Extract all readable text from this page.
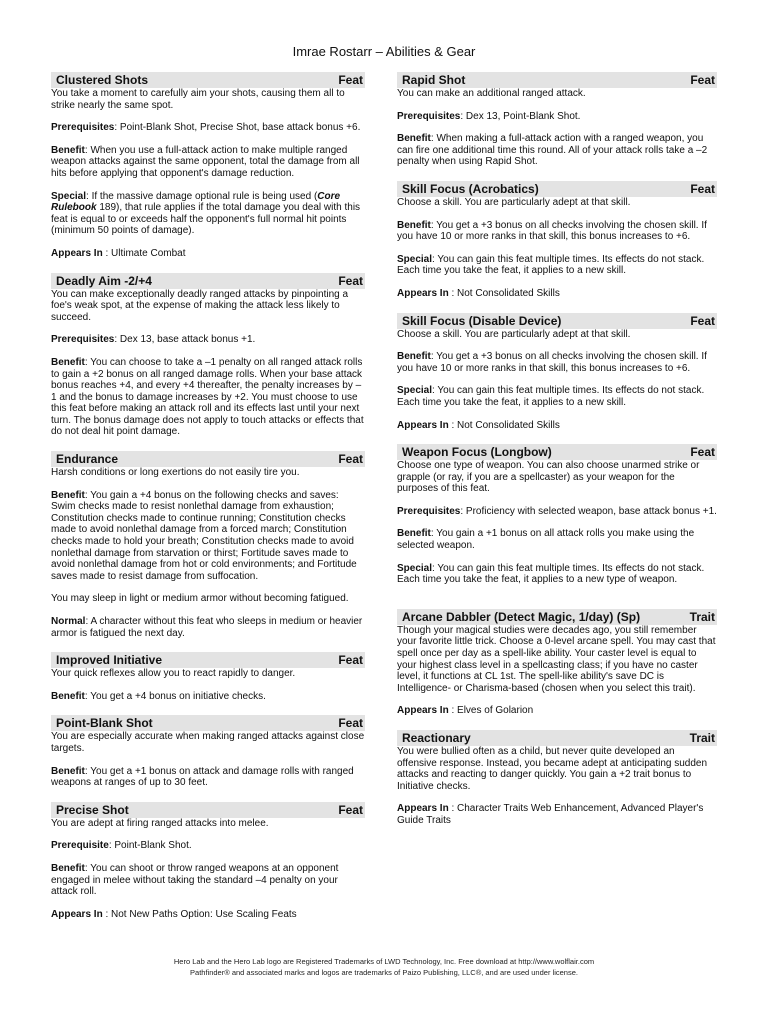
Imrae Rostarr – Abilities & Gear
Clustered Shots	Feat

You take a moment to carefully aim your shots, causing them all to strike nearly the same spot.

Prerequisites: Point-Blank Shot, Precise Shot, base attack bonus +6.

Benefit: When you use a full-attack action to make multiple ranged weapon attacks against the same opponent, total the damage from all hits before applying that opponent's damage reduction.

Special: If the massive damage optional rule is being used (Core Rulebook 189), that rule applies if the total damage you deal with this feat is equal to or exceeds half the opponent's full normal hit points (minimum 50 points of damage).

Appears In : Ultimate Combat

Deadly Aim -2/+4	Feat

You can make exceptionally deadly ranged attacks by pinpointing a foe's weak spot, at the expense of making the attack less likely to succeed.

Prerequisites: Dex 13, base attack bonus +1.

Benefit: You can choose to take a –1 penalty on all ranged attack rolls to gain a +2 bonus on all ranged damage rolls. When your base attack bonus reaches +4, and every +4 thereafter, the penalty increases by –1 and the bonus to damage increases by +2. You must choose to use this feat before making an attack roll and its effects last until your next turn. The bonus damage does not apply to touch attacks or effects that do not deal hit point damage.

Endurance	Feat

Harsh conditions or long exertions do not easily tire you.

Benefit: You gain a +4 bonus on the following checks and saves: Swim checks made to resist nonlethal damage from exhaustion; Constitution checks made to continue running; Constitution checks made to avoid nonlethal damage from a forced march; Constitution checks made to hold your breath; Constitution checks made to avoid nonlethal damage from starvation or thirst; Fortitude saves made to avoid nonlethal damage from hot or cold environments; and Fortitude saves made to resist damage from suffocation.

You may sleep in light or medium armor without becoming fatigued.

Normal: A character without this feat who sleeps in medium or heavier armor is fatigued the next day.

Improved Initiative	Feat

Your quick reflexes allow you to react rapidly to danger.

Benefit: You get a +4 bonus on initiative checks.

Point-Blank Shot	Feat

You are especially accurate when making ranged attacks against close targets.

Benefit: You get a +1 bonus on attack and damage rolls with ranged weapons at ranges of up to 30 feet.

Precise Shot	Feat

You are adept at firing ranged attacks into melee.

Prerequisite: Point-Blank Shot.

Benefit: You can shoot or throw ranged weapons at an opponent engaged in melee without taking the standard –4 penalty on your attack roll.

Appears In : Not New Paths Option: Use Scaling Feats

Rapid Shot	Feat

You can make an additional ranged attack.

Prerequisites: Dex 13, Point-Blank Shot.

Benefit: When making a full-attack action with a ranged weapon, you can fire one additional time this round. All of your attack rolls take a –2 penalty when using Rapid Shot.

Skill Focus (Acrobatics)	Feat

Choose a skill. You are particularly adept at that skill.

Benefit: You get a +3 bonus on all checks involving the chosen skill. If you have 10 or more ranks in that skill, this bonus increases to +6.

Special: You can gain this feat multiple times. Its effects do not stack. Each time you take the feat, it applies to a new skill.

Appears In : Not Consolidated Skills

Skill Focus (Disable Device)	Feat

Choose a skill. You are particularly adept at that skill.

Benefit: You get a +3 bonus on all checks involving the chosen skill. If you have 10 or more ranks in that skill, this bonus increases to +6.

Special: You can gain this feat multiple times. Its effects do not stack. Each time you take the feat, it applies to a new skill.

Appears In : Not Consolidated Skills

Weapon Focus (Longbow)	Feat

Choose one type of weapon. You can also choose unarmed strike or grapple (or ray, if you are a spellcaster) as your weapon for the purposes of this feat.

Prerequisites: Proficiency with selected weapon, base attack bonus +1.

Benefit: You gain a +1 bonus on all attack rolls you make using the selected weapon.

Special: You can gain this feat multiple times. Its effects do not stack. Each time you take the feat, it applies to a new type of weapon.

Arcane Dabbler (Detect Magic, 1/day) (Sp)	Trait

Though your magical studies were decades ago, you still remember your favorite little trick. Choose a 0-level arcane spell. You may cast that spell once per day as a spell-like ability. Your caster level is equal to your highest class level in a spellcasting class; if you have no caster level, it functions at CL 1st. The spell-like ability's save DC is Intelligence- or Charisma-based (chosen when you select this trait).

Appears In : Elves of Golarion

Reactionary	Trait

You were bullied often as a child, but never quite developed an offensive response. Instead, you became adept at anticipating sudden attacks and reacting to danger quickly. You gain a +2 trait bonus to Initiative checks.

Appears In : Character Traits Web Enhancement, Advanced Player's Guide Traits

Hero Lab and the Hero Lab logo are Registered Trademarks of LWD Technology, Inc. Free download at http://www.wolflair.com
Pathfinder® and associated marks and logos are trademarks of Paizo Publishing, LLC®, and are used under license.
